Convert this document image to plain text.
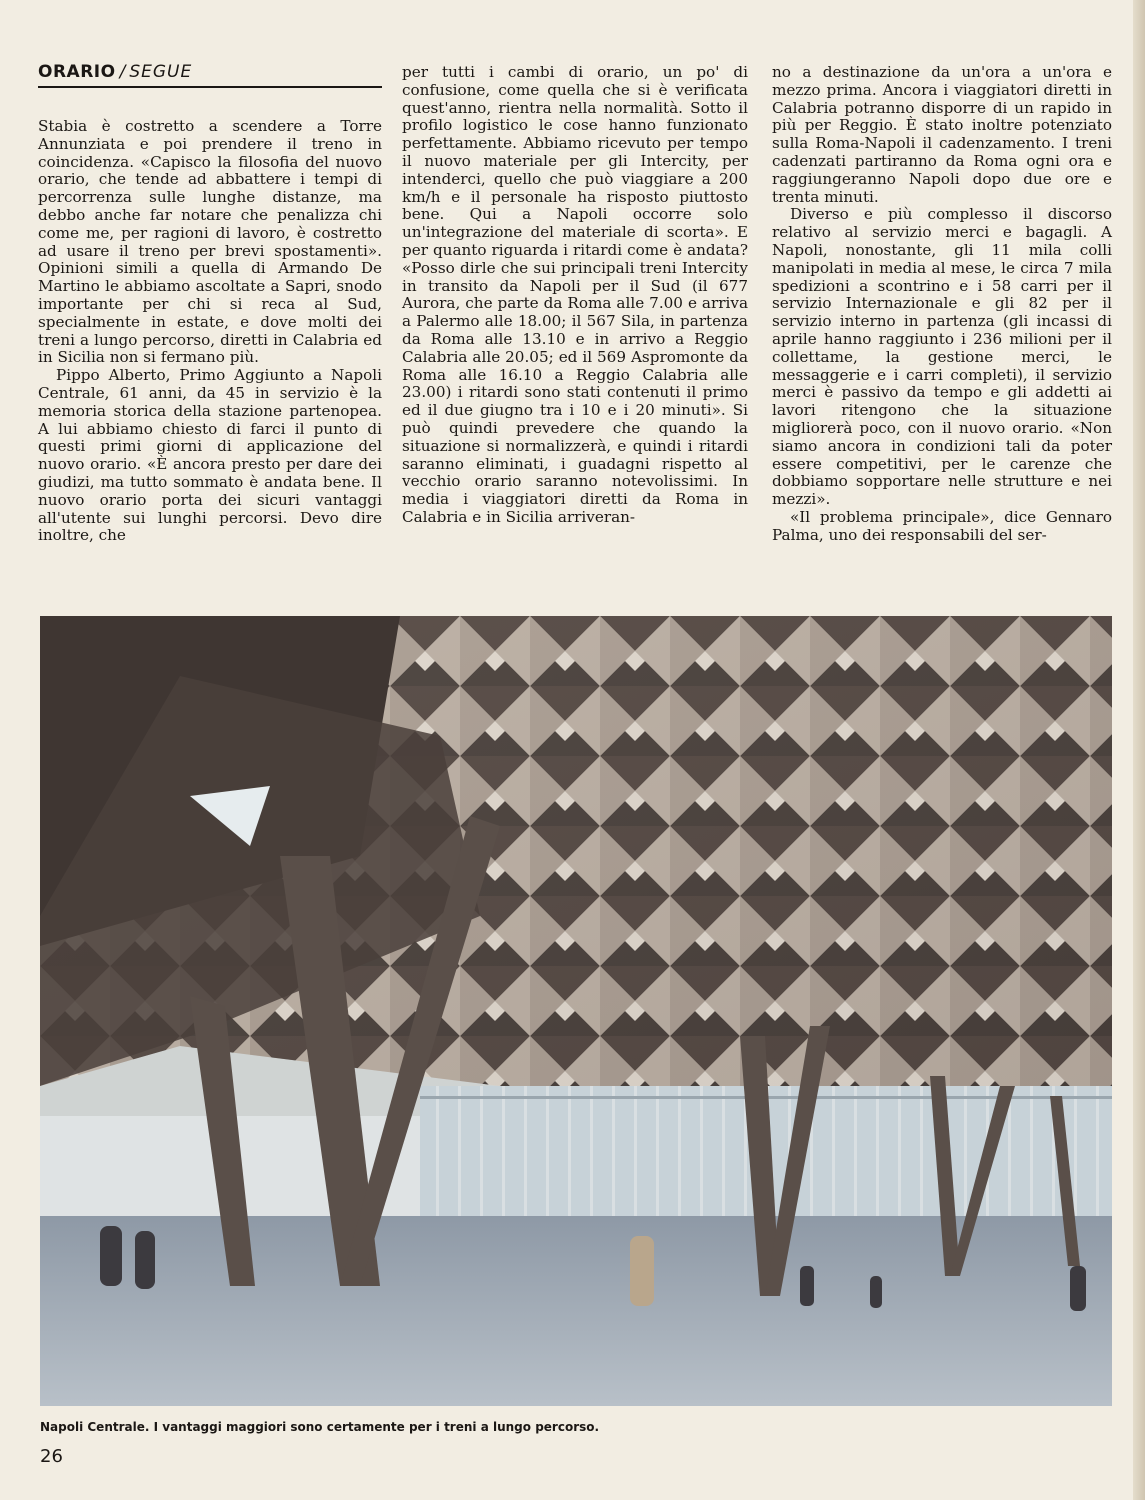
ORARIO / SEGUE

Stabia è costretto a scendere a Torre Annunziata e poi prendere il treno in coincidenza. «Capisco la filosofia del nuovo orario, che tende ad abbattere i tempi di percorrenza sulle lunghe distanze, ma debbo anche far notare che penalizza chi come me, per ragioni di lavoro, è costretto ad usare il treno per brevi spostamenti». Opinioni simili a quella di Armando De Martino le abbiamo ascoltate a Sapri, snodo importante per chi si reca al Sud, specialmente in estate, e dove molti dei treni a lungo percorso, diretti in Calabria ed in Sicilia non si fermano più.

Pippo Alberto, Primo Aggiunto a Napoli Centrale, 61 anni, da 45 in servizio è la memoria storica della stazione partenopea. A lui abbiamo chiesto di farci il punto di questi primi giorni di applicazione del nuovo orario. «È ancora presto per dare dei giudizi, ma tutto sommato è andata bene. Il nuovo orario porta dei sicuri vantaggi all'utente sui lunghi percorsi. Devo dire inoltre, che

per tutti i cambi di orario, un po' di confusione, come quella che si è verificata quest'anno, rientra nella normalità. Sotto il profilo logistico le cose hanno funzionato perfettamente. Abbiamo ricevuto per tempo il nuovo materiale per gli Intercity, per intenderci, quello che può viaggiare a 200 km/h e il personale ha risposto piuttosto bene. Qui a Napoli occorre solo un'integrazione del materiale di scorta». E per quanto riguarda i ritardi come è andata? «Posso dirle che sui principali treni Intercity in transito da Napoli per il Sud (il 677 Aurora, che parte da Roma alle 7.00 e arriva a Palermo alle 18.00; il 567 Sila, in partenza da Roma alle 13.10 e in arrivo a Reggio Calabria alle 20.05; ed il 569 Aspromonte da Roma alle 16.10 a Reggio Calabria alle 23.00) i ritardi sono stati contenuti il primo ed il due giugno tra i 10 e i 20 minuti». Si può quindi prevedere che quando la situazione si normalizzerà, e quindi i ritardi saranno eliminati, i guadagni rispetto al vecchio orario saranno notevolissimi. In media i viaggiatori diretti da Roma in Calabria e in Sicilia arriveran-

no a destinazione da un'ora a un'ora e mezzo prima. Ancora i viaggiatori diretti in Calabria potranno disporre di un rapido in più per Reggio. È stato inoltre potenziato sulla Roma-Napoli il cadenzamento. I treni cadenzati partiranno da Roma ogni ora e raggiungeranno Napoli dopo due ore e trenta minuti.

Diverso e più complesso il discorso relativo al servizio merci e bagagli. A Napoli, nonostante, gli 11 mila colli manipolati in media al mese, le circa 7 mila spedizioni a scontrino e i 58 carri per il servizio Internazionale e gli 82 per il servizio interno in partenza (gli incassi di aprile hanno raggiunto i 236 milioni per il collettame, la gestione merci, le messaggerie e i carri completi), il servizio merci è passivo da tempo e gli addetti ai lavori ritengono che la situazione migliorerà poco, con il nuovo orario. «Non siamo ancora in condizioni tali da poter essere competitivi, per le carenze che dobbiamo sopportare nelle strutture e nei mezzi».

«Il problema principale», dice Gennaro Palma, uno dei responsabili del ser-

Napoli Centrale. I vantaggi maggiori sono certamente per i treni a lungo percorso.
26
